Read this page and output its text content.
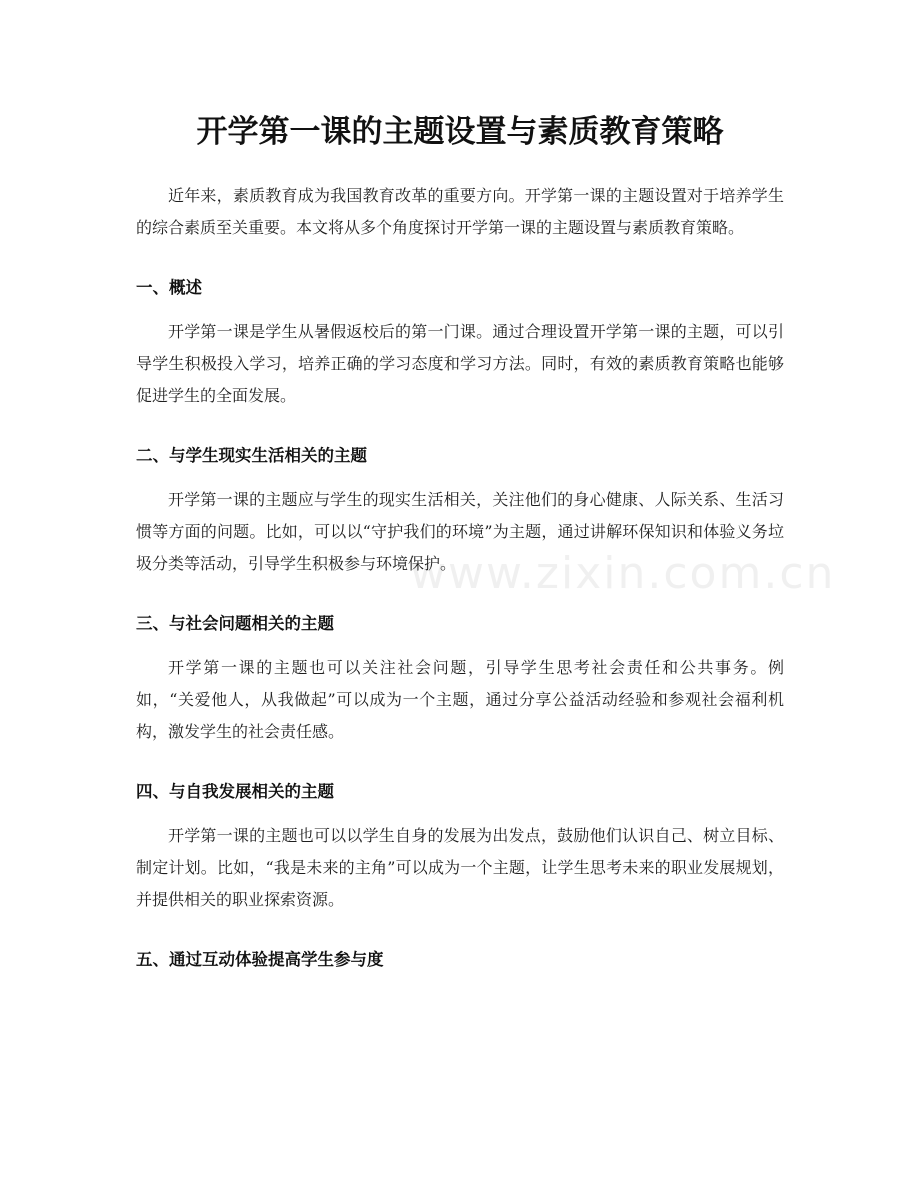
开学第一课的主题设置与素质教育策略
www.zixin.com.cn

近年来，素质教育成为我国教育改革的重要方向。开学第一课的主题设置对于培养学生的综合素质至关重要。本文将从多个角度探讨开学第一课的主题设置与素质教育策略。

一、概述

开学第一课是学生从暑假返校后的第一门课。通过合理设置开学第一课的主题，可以引导学生积极投入学习，培养正确的学习态度和学习方法。同时，有效的素质教育策略也能够促进学生的全面发展。

二、与学生现实生活相关的主题

开学第一课的主题应与学生的现实生活相关，关注他们的身心健康、人际关系、生活习惯等方面的问题。比如，可以以“守护我们的环境”为主题，通过讲解环保知识和体验义务垃圾分类等活动，引导学生积极参与环境保护。

三、与社会问题相关的主题

开学第一课的主题也可以关注社会问题，引导学生思考社会责任和公共事务。例如，“关爱他人，从我做起”可以成为一个主题，通过分享公益活动经验和参观社会福利机构，激发学生的社会责任感。

四、与自我发展相关的主题

开学第一课的主题也可以以学生自身的发展为出发点，鼓励他们认识自己、树立目标、制定计划。比如，“我是未来的主角”可以成为一个主题，让学生思考未来的职业发展规划，并提供相关的职业探索资源。

五、通过互动体验提高学生参与度
